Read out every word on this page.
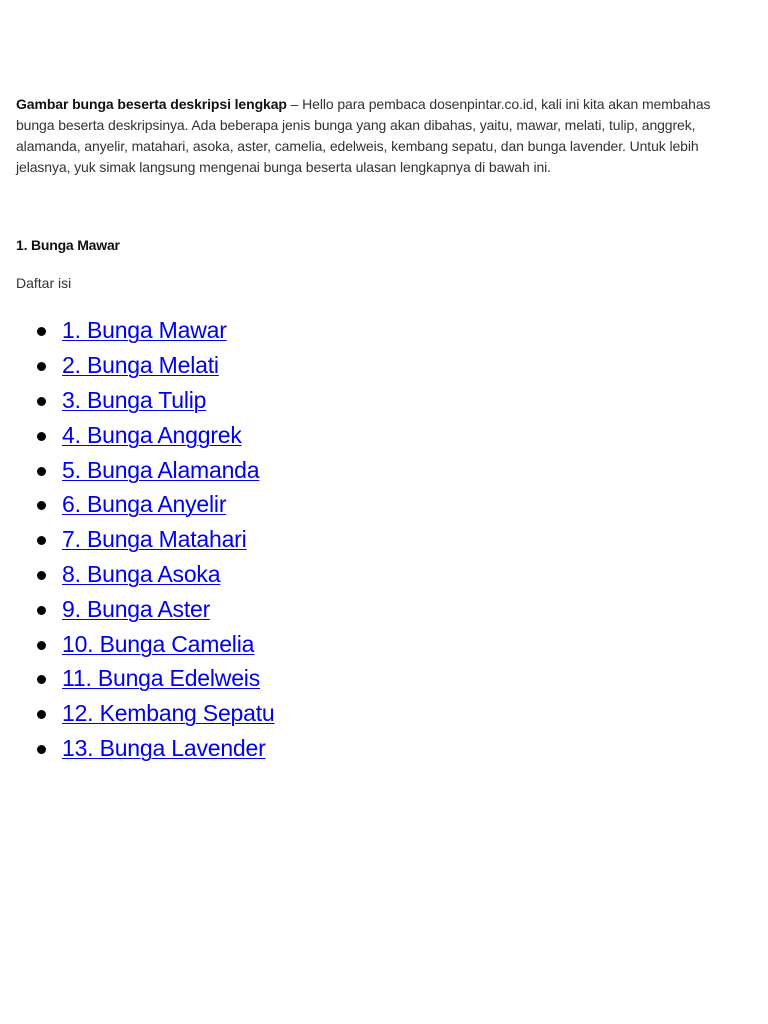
Gambar bunga beserta deskripsi lengkap – Hello para pembaca dosenpintar.co.id, kali ini kita akan membahas bunga beserta deskripsinya. Ada beberapa jenis bunga yang akan dibahas, yaitu, mawar, melati, tulip, anggrek, alamanda, anyelir, matahari, asoka, aster, camelia, edelweis, kembang sepatu, dan bunga lavender. Untuk lebih jelasnya, yuk simak langsung mengenai bunga beserta ulasan lengkapnya di bawah ini.

1. Bunga Mawar

Daftar isi

1. Bunga Mawar
2. Bunga Melati
3. Bunga Tulip
4. Bunga Anggrek
5. Bunga Alamanda
6. Bunga Anyelir
7. Bunga Matahari
8. Bunga Asoka
9. Bunga Aster
10. Bunga Camelia
11. Bunga Edelweis
12. Kembang Sepatu
13. Bunga Lavender
